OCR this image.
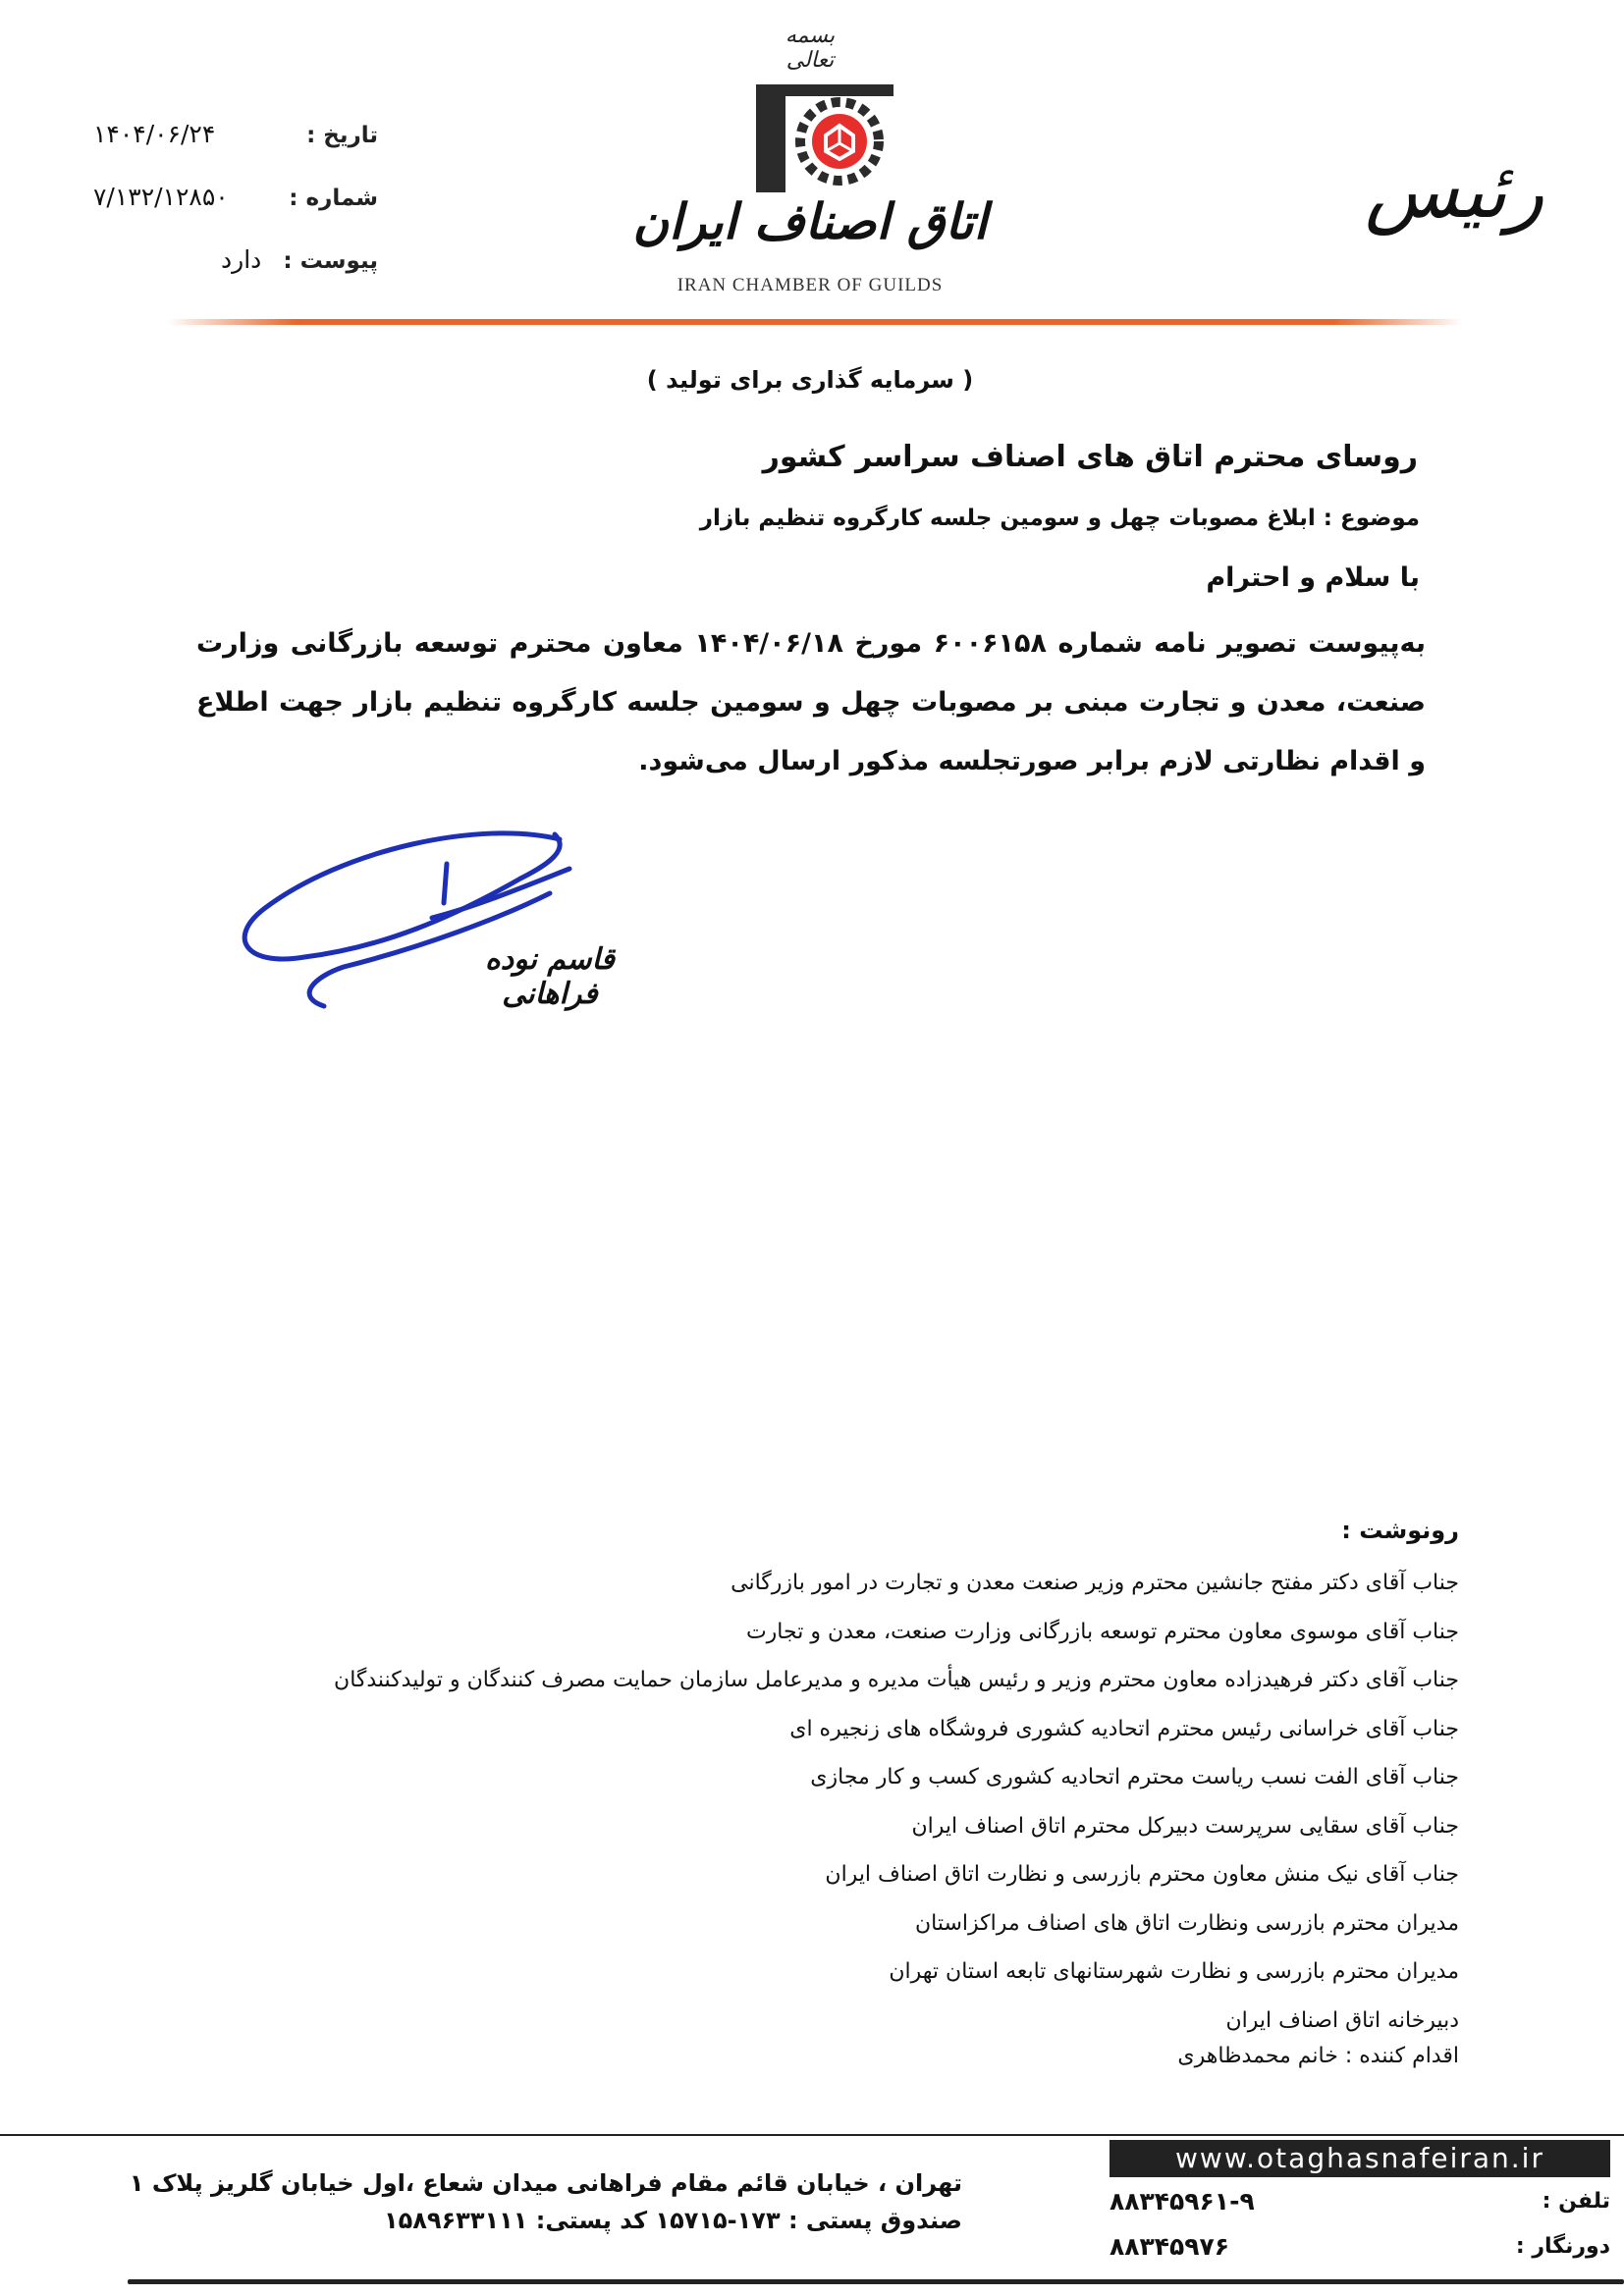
بسمه تعالی
اتاق اصناف ایران
IRAN CHAMBER OF GUILDS
رئیس
۱۴۰۴/۰۶/۲۴	تاریخ :
۷/۱۳۲/۱۲۸۵۰	شماره :
دارد پیوست :
( سرمایه گذاری برای تولید )
روسای محترم اتاق های اصناف سراسر کشور
موضوع : ابلاغ مصوبات چهل و سومین جلسه کارگروه تنظیم بازار
با سلام و احترام
به‌پیوست تصویر نامه شماره ۶۰۰۶۱۵۸ مورخ ۱۴۰۴/۰۶/۱۸ معاون محترم توسعه بازرگانی وزارت صنعت، معدن و تجارت مبنی بر مصوبات چهل و سومین جلسه کارگروه تنظیم بازار جهت اطلاع و اقدام نظارتی لازم برابر صورتجلسه مذکور ارسال می‌شود.
قاسم نوده فراهانی
رونوشت :
جناب آقای دکتر مفتح جانشین محترم وزیر صنعت معدن و تجارت در امور بازرگانی
جناب آقای موسوی معاون محترم توسعه بازرگانی وزارت صنعت، معدن و تجارت
جناب آقای دکتر فرهیدزاده معاون محترم وزیر و رئیس هیأت مدیره و مدیرعامل سازمان حمایت مصرف کنندگان و تولیدکنندگان
جناب آقای خراسانی رئیس محترم اتحادیه کشوری فروشگاه های زنجیره ای
جناب آقای الفت نسب ریاست محترم اتحادیه کشوری کسب و کار مجازی
جناب آقای سقایی سرپرست دبیرکل محترم اتاق اصناف ایران
جناب آقای نیک منش معاون محترم بازرسی و نظارت اتاق اصناف ایران
مدیران محترم بازرسی ونظارت اتاق های اصناف مراکزاستان
مدیران محترم بازرسی و نظارت شهرستانهای تابعه استان تهران
دبیرخانه اتاق اصناف ایران
اقدام کننده : خانم محمدظاهری
www.otaghasnafeiran.ir
تهران ، خیابان قائم مقام فراهانی میدان شعاع ،اول خیابان گلریز پلاک ۱
صندوق پستی : ۱۷۳-۱۵۷۱۵ کد پستی: ۱۵۸۹۶۳۳۱۱۱
تلفن :
۸۸۳۴۵۹۶۱-۹
دورنگار :
۸۸۳۴۵۹۷۶
